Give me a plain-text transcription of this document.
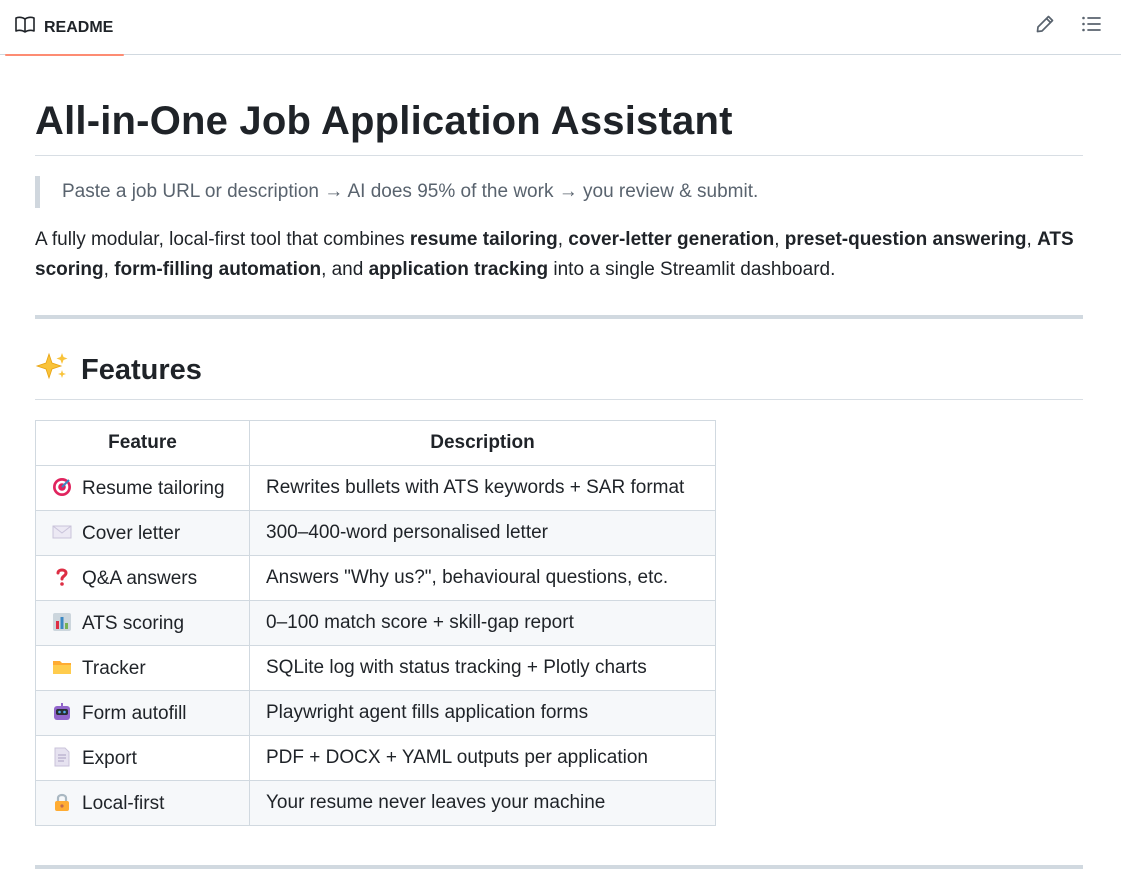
README
All-in-One Job Application Assistant
Paste a job URL or description → AI does 95% of the work → you review & submit.

A fully modular, local-first tool that combines resume tailoring, cover-letter generation, preset-question answering, ATS scoring, form-filling automation, and application tracking into a single Streamlit dashboard.

Features
Feature	Description
Resume tailoring	Rewrites bullets with ATS keywords + SAR format
Cover letter	300–400-word personalised letter
Q&A answers	Answers "Why us?", behavioural questions, etc.
ATS scoring	0–100 match score + skill-gap report
Tracker	SQLite log with status tracking + Plotly charts
Form autofill	Playwright agent fills application forms
Export	PDF + DOCX + YAML outputs per application
Local-first	Your resume never leaves your machine
